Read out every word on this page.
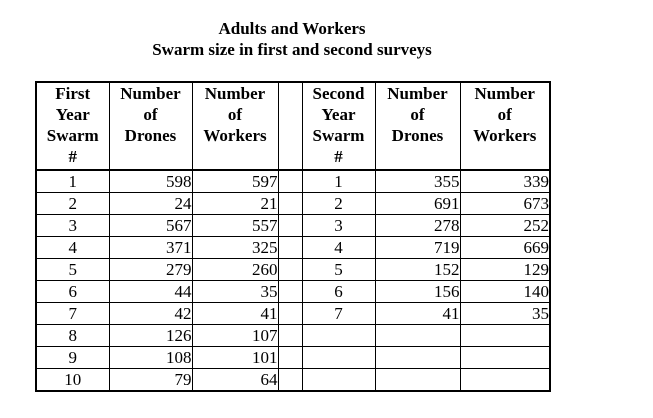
Adults and Workers
Swarm size in first and second surveys
First
Year
Swarm
#	Number
of
Drones	Number
of
Workers		Second
Year
Swarm
#	Number
of
Drones	Number
of
Workers

1	598	597		1	355	339
2	24	21		2	691	673
3	567	557		3	278	252
4	371	325		4	719	669
5	279	260		5	152	129
6	44	35		6	156	140
7	42	41		7	41	35
8	126	107				
9	108	101				
10	79	64				
